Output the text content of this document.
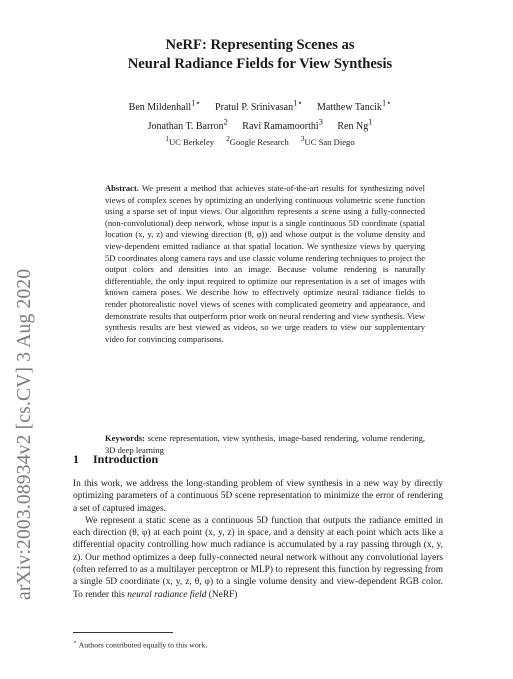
arXiv:2003.08934v2 [cs.CV] 3 Aug 2020
NeRF: Representing Scenes as
Neural Radiance Fields for View Synthesis
Ben Mildenhall$^{1⋆}$ Pratul P. Srinivasan$^{1⋆}$ Matthew Tancik$^{1⋆}$
Jonathan T. Barron$^2$ Ravi Ramamoorthi$^3$ Ren Ng$^1$
$^1$UC Berkeley $^2$Google Research $^3$UC San Diego

Abstract. We present a method that achieves state-of-the-art results for synthesizing novel views of complex scenes by optimizing an underlying continuous volumetric scene function using a sparse set of input views. Our algorithm represents a scene using a fully-connected (non-convolutional) deep network, whose input is a single continuous 5D coordinate (spatial location (x, y, z) and viewing direction (θ, φ)) and whose output is the volume density and view-dependent emitted radiance at that spatial location. We synthesize views by querying 5D coordinates along camera rays and use classic volume rendering techniques to project the output colors and densities into an image. Because volume rendering is naturally differentiable, the only input required to optimize our representation is a set of images with known camera poses. We describe how to effectively optimize neural radiance fields to render photorealistic novel views of scenes with complicated geometry and appearance, and demonstrate results that outperform prior work on neural rendering and view synthesis. View synthesis results are best viewed as videos, so we urge readers to view our supplementary video for convincing comparisons.

Keywords: scene representation, view synthesis, image-based rendering, volume rendering, 3D deep learning

1 Introduction

In this work, we address the long-standing problem of view synthesis in a new way by directly optimizing parameters of a continuous 5D scene representation to minimize the error of rendering a set of captured images.

We represent a static scene as a continuous 5D function that outputs the radiance emitted in each direction (θ, φ) at each point (x, y, z) in space, and a density at each point which acts like a differential opacity controlling how much radiance is accumulated by a ray passing through (x, y, z). Our method optimizes a deep fully-connected neural network without any convolutional layers (often referred to as a multilayer perceptron or MLP) to represent this function by regressing from a single 5D coordinate (x, y, z, θ, φ) to a single volume density and view-dependent RGB color. To render this neural radiance field (NeRF)

⋆ Authors contributed equally to this work.
